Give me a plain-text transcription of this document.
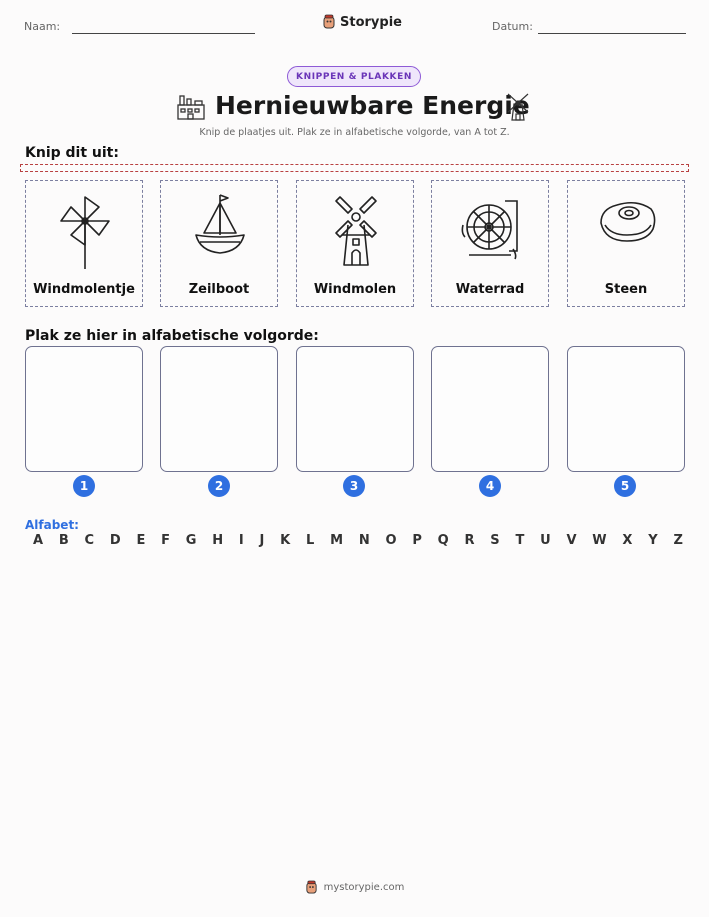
Naam:	Storypie	Datum:
KNIPPEN & PLAKKEN
Hernieuwbare Energie
Knip de plaatjes uit. Plak ze in alfabetische volgorde, van A tot Z.
Knip dit uit:
Windmolentje	Zeilboot	Windmolen	Waterrad	Steen
Plak ze hier in alfabetische volgorde:
1	2	3	4	5
Alfabet:
A B C D E F G H I J K L M N O P Q R S T U V W X Y Z
mystorypie.com
